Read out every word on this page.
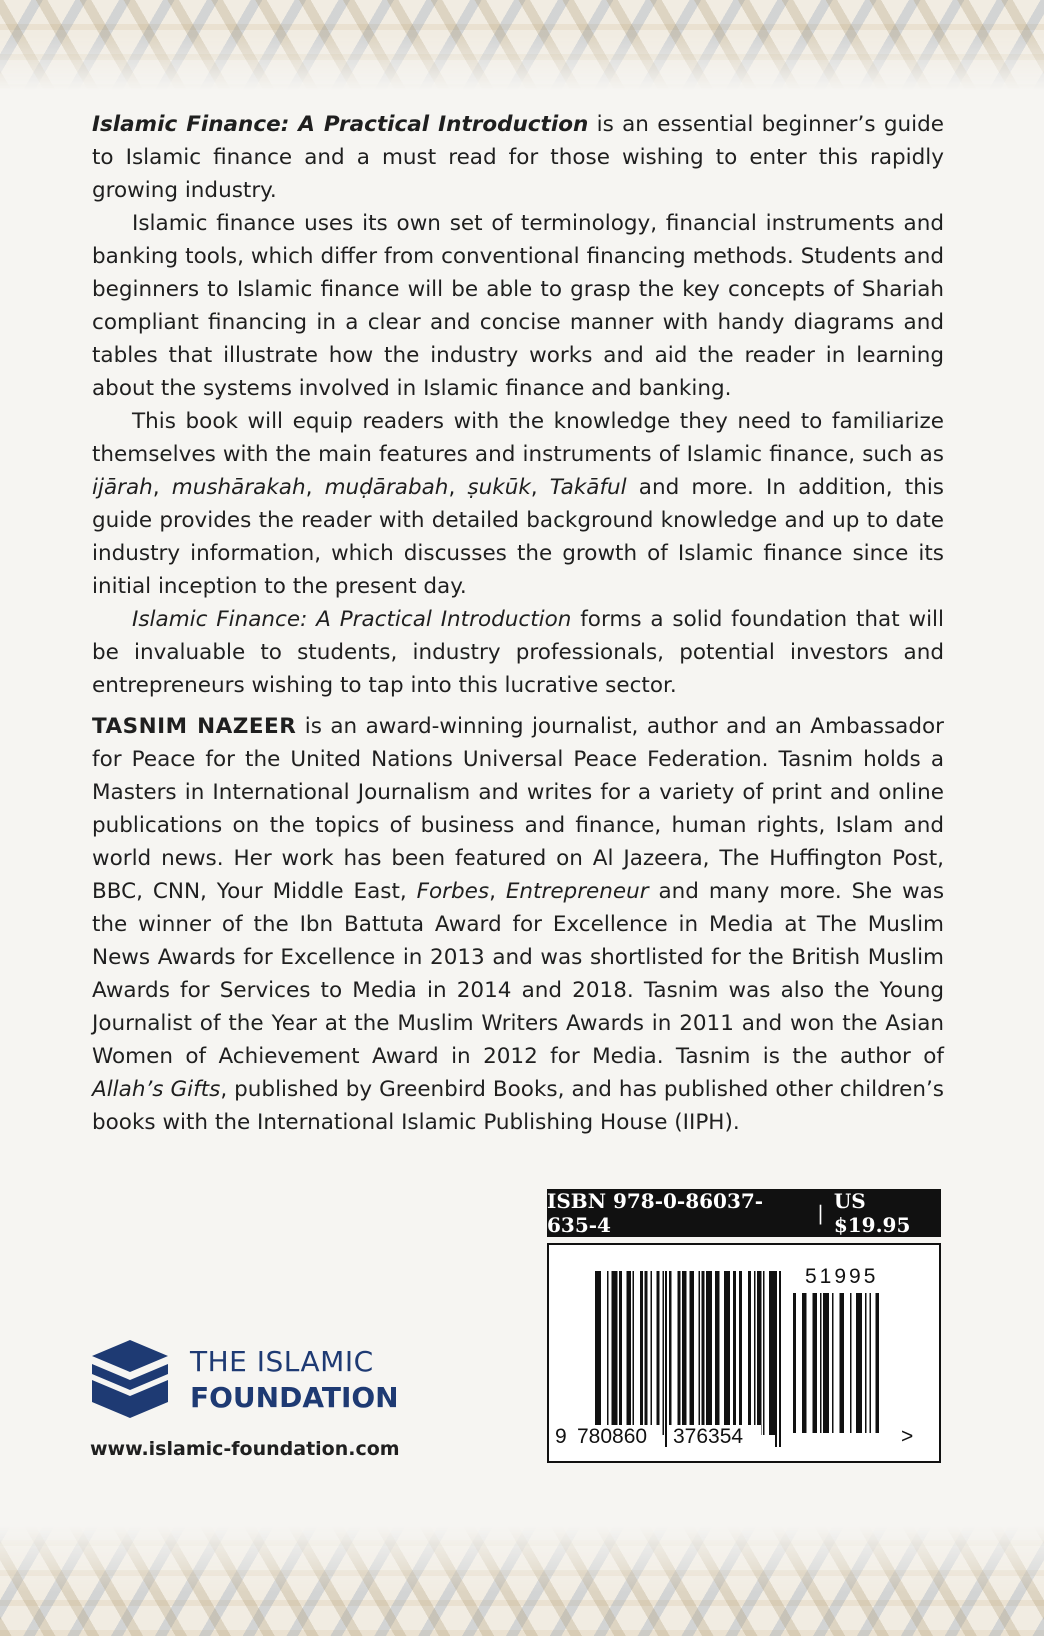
Islamic Finance: A Practical Introduction is an essential beginner’s guide to Islamic finance and a must read for those wishing to enter this rapidly growing industry.

Islamic finance uses its own set of terminology, financial instruments and banking tools, which differ from conventional financing methods. Students and beginners to Islamic finance will be able to grasp the key concepts of Shariah compliant financing in a clear and concise manner with handy diagrams and tables that illustrate how the industry works and aid the reader in learning about the systems involved in Islamic finance and banking.

This book will equip readers with the knowledge they need to familiarize themselves with the main features and instruments of Islamic finance, such as ijārah, mushārakah, muḍārabah, ṣukūk, Takāful and more. In addition, this guide provides the reader with detailed background knowledge and up to date industry information, which discusses the growth of Islamic finance since its initial inception to the present day.

Islamic Finance: A Practical Introduction forms a solid foundation that will be invaluable to students, industry professionals, potential investors and entrepreneurs wishing to tap into this lucrative sector.

TASNIM NAZEER is an award-winning journalist, author and an Ambassador for Peace for the United Nations Universal Peace Federation. Tasnim holds a Masters in International Journalism and writes for a variety of print and online publications on the topics of business and finance, human rights, Islam and world news. Her work has been featured on Al Jazeera, The Huffington Post, BBC, CNN, Your Middle East, Forbes, Entrepreneur and many more. She was the winner of the Ibn Battuta Award for Excellence in Media at The Muslim News Awards for Excellence in 2013 and was shortlisted for the British Muslim Awards for Services to Media in 2014 and 2018. Tasnim was also the Young Journalist of the Year at the Muslim Writers Awards in 2011 and won the Asian Women of Achievement Award in 2012 for Media. Tasnim is the author of Allah’s Gifts, published by Greenbird Books, and has published other children’s books with the International Islamic Publishing House (IIPH).

ISBN 978-0-86037-635-4	| US $19.95
51995
9 780860 376354	>
THE ISLAMIC
FOUNDATION
www.islamic-foundation.com
